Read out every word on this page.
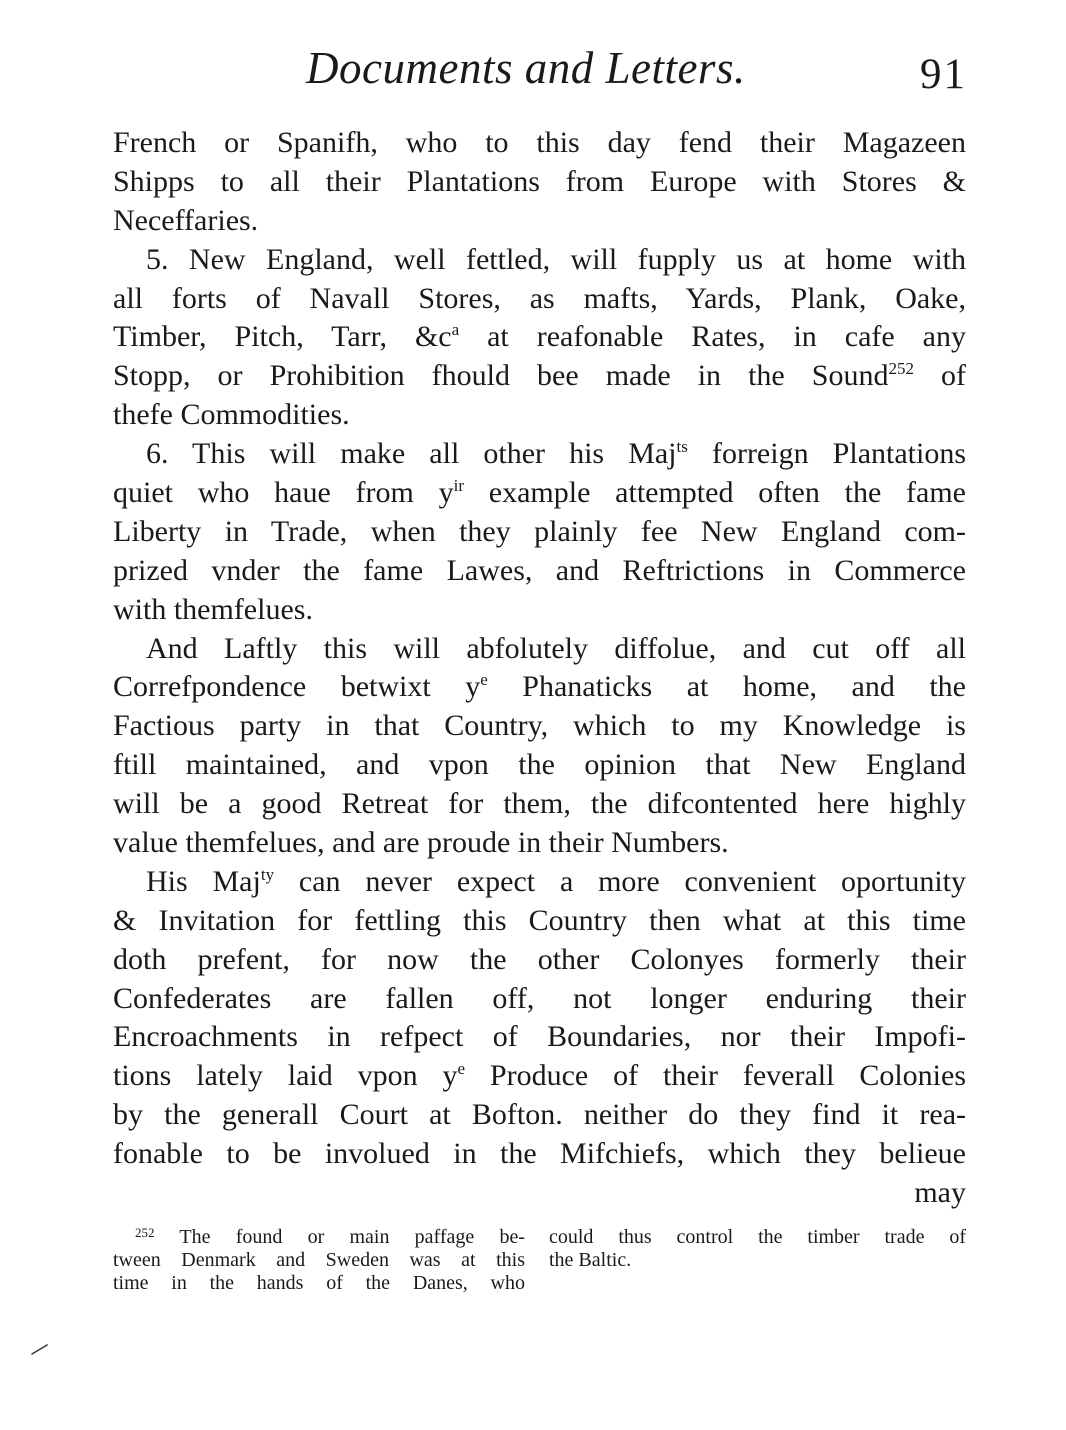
Documents and Letters.	91
French or Spanifh, who to this day fend their Magazeen
Shipps to all their Plantations from Europe with Stores &
Neceffaries.
5. New England, well fettled, will fupply us at home with
all forts of Navall Stores, as mafts, Yards, Plank, Oake,
Timber, Pitch, Tarr, $\&c^a$ at reafonable Rates, in cafe any
Stopp, or Prohibition fhould bee made in the Sound$^{252}$ of
thefe Commodities.
6. This will make all other his Maj$^{ts}$ forreign Plantations
quiet who haue from $y^{ir}$ example attempted often the fame
Liberty in Trade, when they plainly fee New England com-
prized vnder the fame Lawes, and Reftrictions in Commerce
with themfelues.
And Laftly this will abfolutely diffolue, and cut off all
Correfpondence betwixt $y^e$ Phanaticks at home, and the
Factious party in that Country, which to my Knowledge is
ftill maintained, and vpon the opinion that New England
will be a good Retreat for them, the difcontented here highly
value themfelues, and are proude in their Numbers.
His Maj$^{ty}$ can never expect a more convenient oportunity
& Invitation for fettling this Country then what at this time
doth prefent, for now the other Colonyes formerly their
Confederates are fallen off, not longer enduring their
Encroachments in refpect of Boundaries, nor their Impofi-
tions lately laid vpon $y^e$ Produce of their feverall Colonies
by the generall Court at Bofton. neither do they find it rea-
fonable to be involued in the Mifchiefs, which they belieue
may
$^{252}$ The found or main paffage be-
tween Denmark and Sweden was at this
time in the hands of the Danes, who
could thus control the timber trade of
the Baltic.
